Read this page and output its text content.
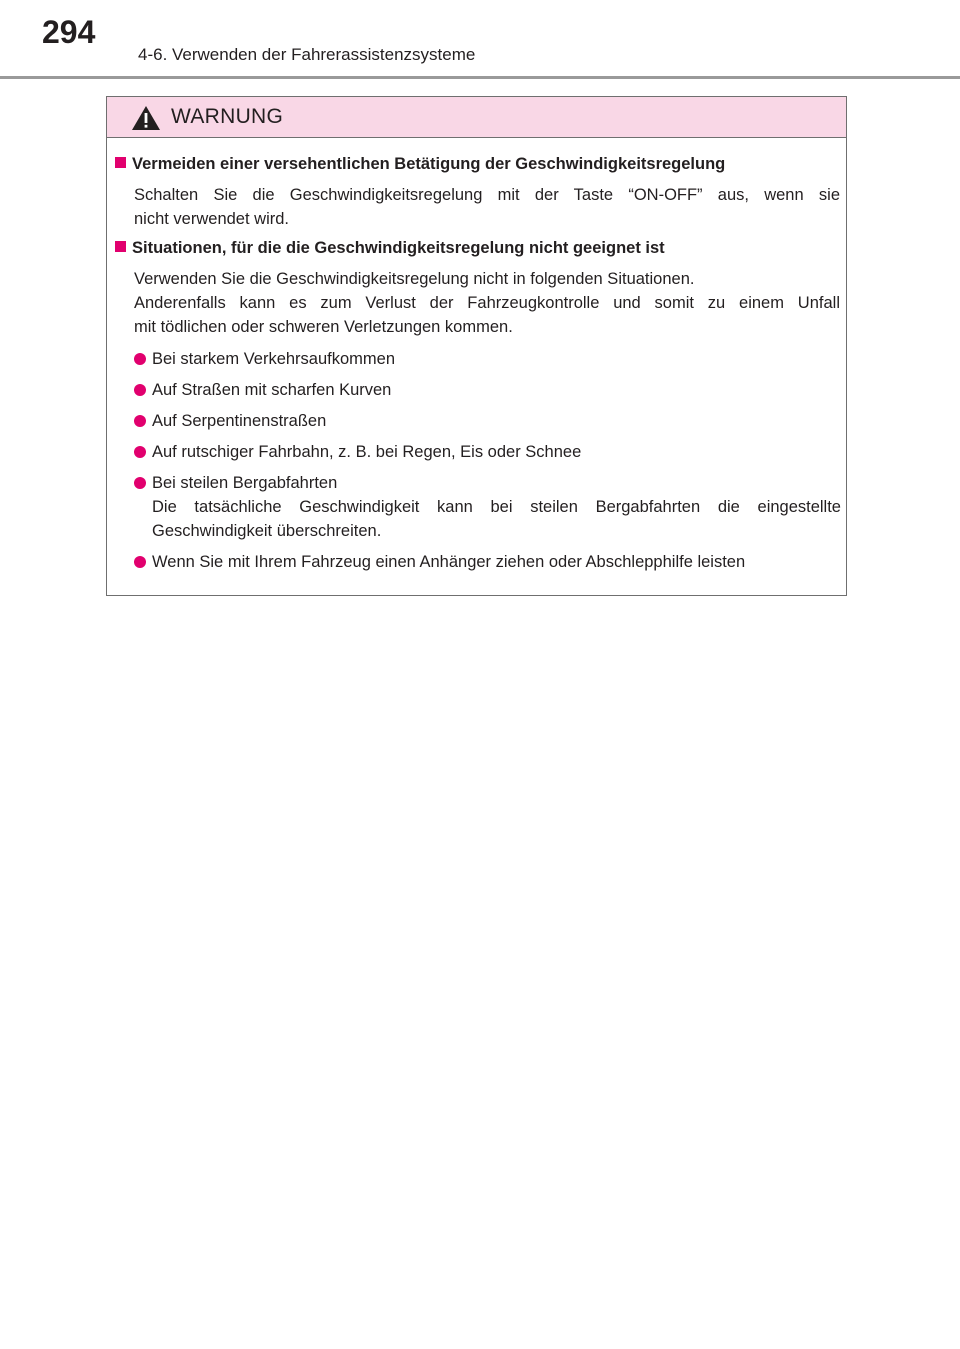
294
4-6. Verwenden der Fahrerassistenzsysteme
WARNUNG
Vermeiden einer versehentlichen Betätigung der Geschwindigkeitsregelung
Schalten Sie die Geschwindigkeitsregelung mit der Taste “ON-OFF” aus, wenn sie
nicht verwendet wird.
Situationen, für die die Geschwindigkeitsregelung nicht geeignet ist
Verwenden Sie die Geschwindigkeitsregelung nicht in folgenden Situationen.
Anderenfalls kann es zum Verlust der Fahrzeugkontrolle und somit zu einem Unfall
mit tödlichen oder schweren Verletzungen kommen.
Bei starkem Verkehrsaufkommen
Auf Straßen mit scharfen Kurven
Auf Serpentinenstraßen
Auf rutschiger Fahrbahn, z. B. bei Regen, Eis oder Schnee
Bei steilen Bergabfahrten
Die tatsächliche Geschwindigkeit kann bei steilen Bergabfahrten die eingestellte
Geschwindigkeit überschreiten.
Wenn Sie mit Ihrem Fahrzeug einen Anhänger ziehen oder Abschlepphilfe leisten
